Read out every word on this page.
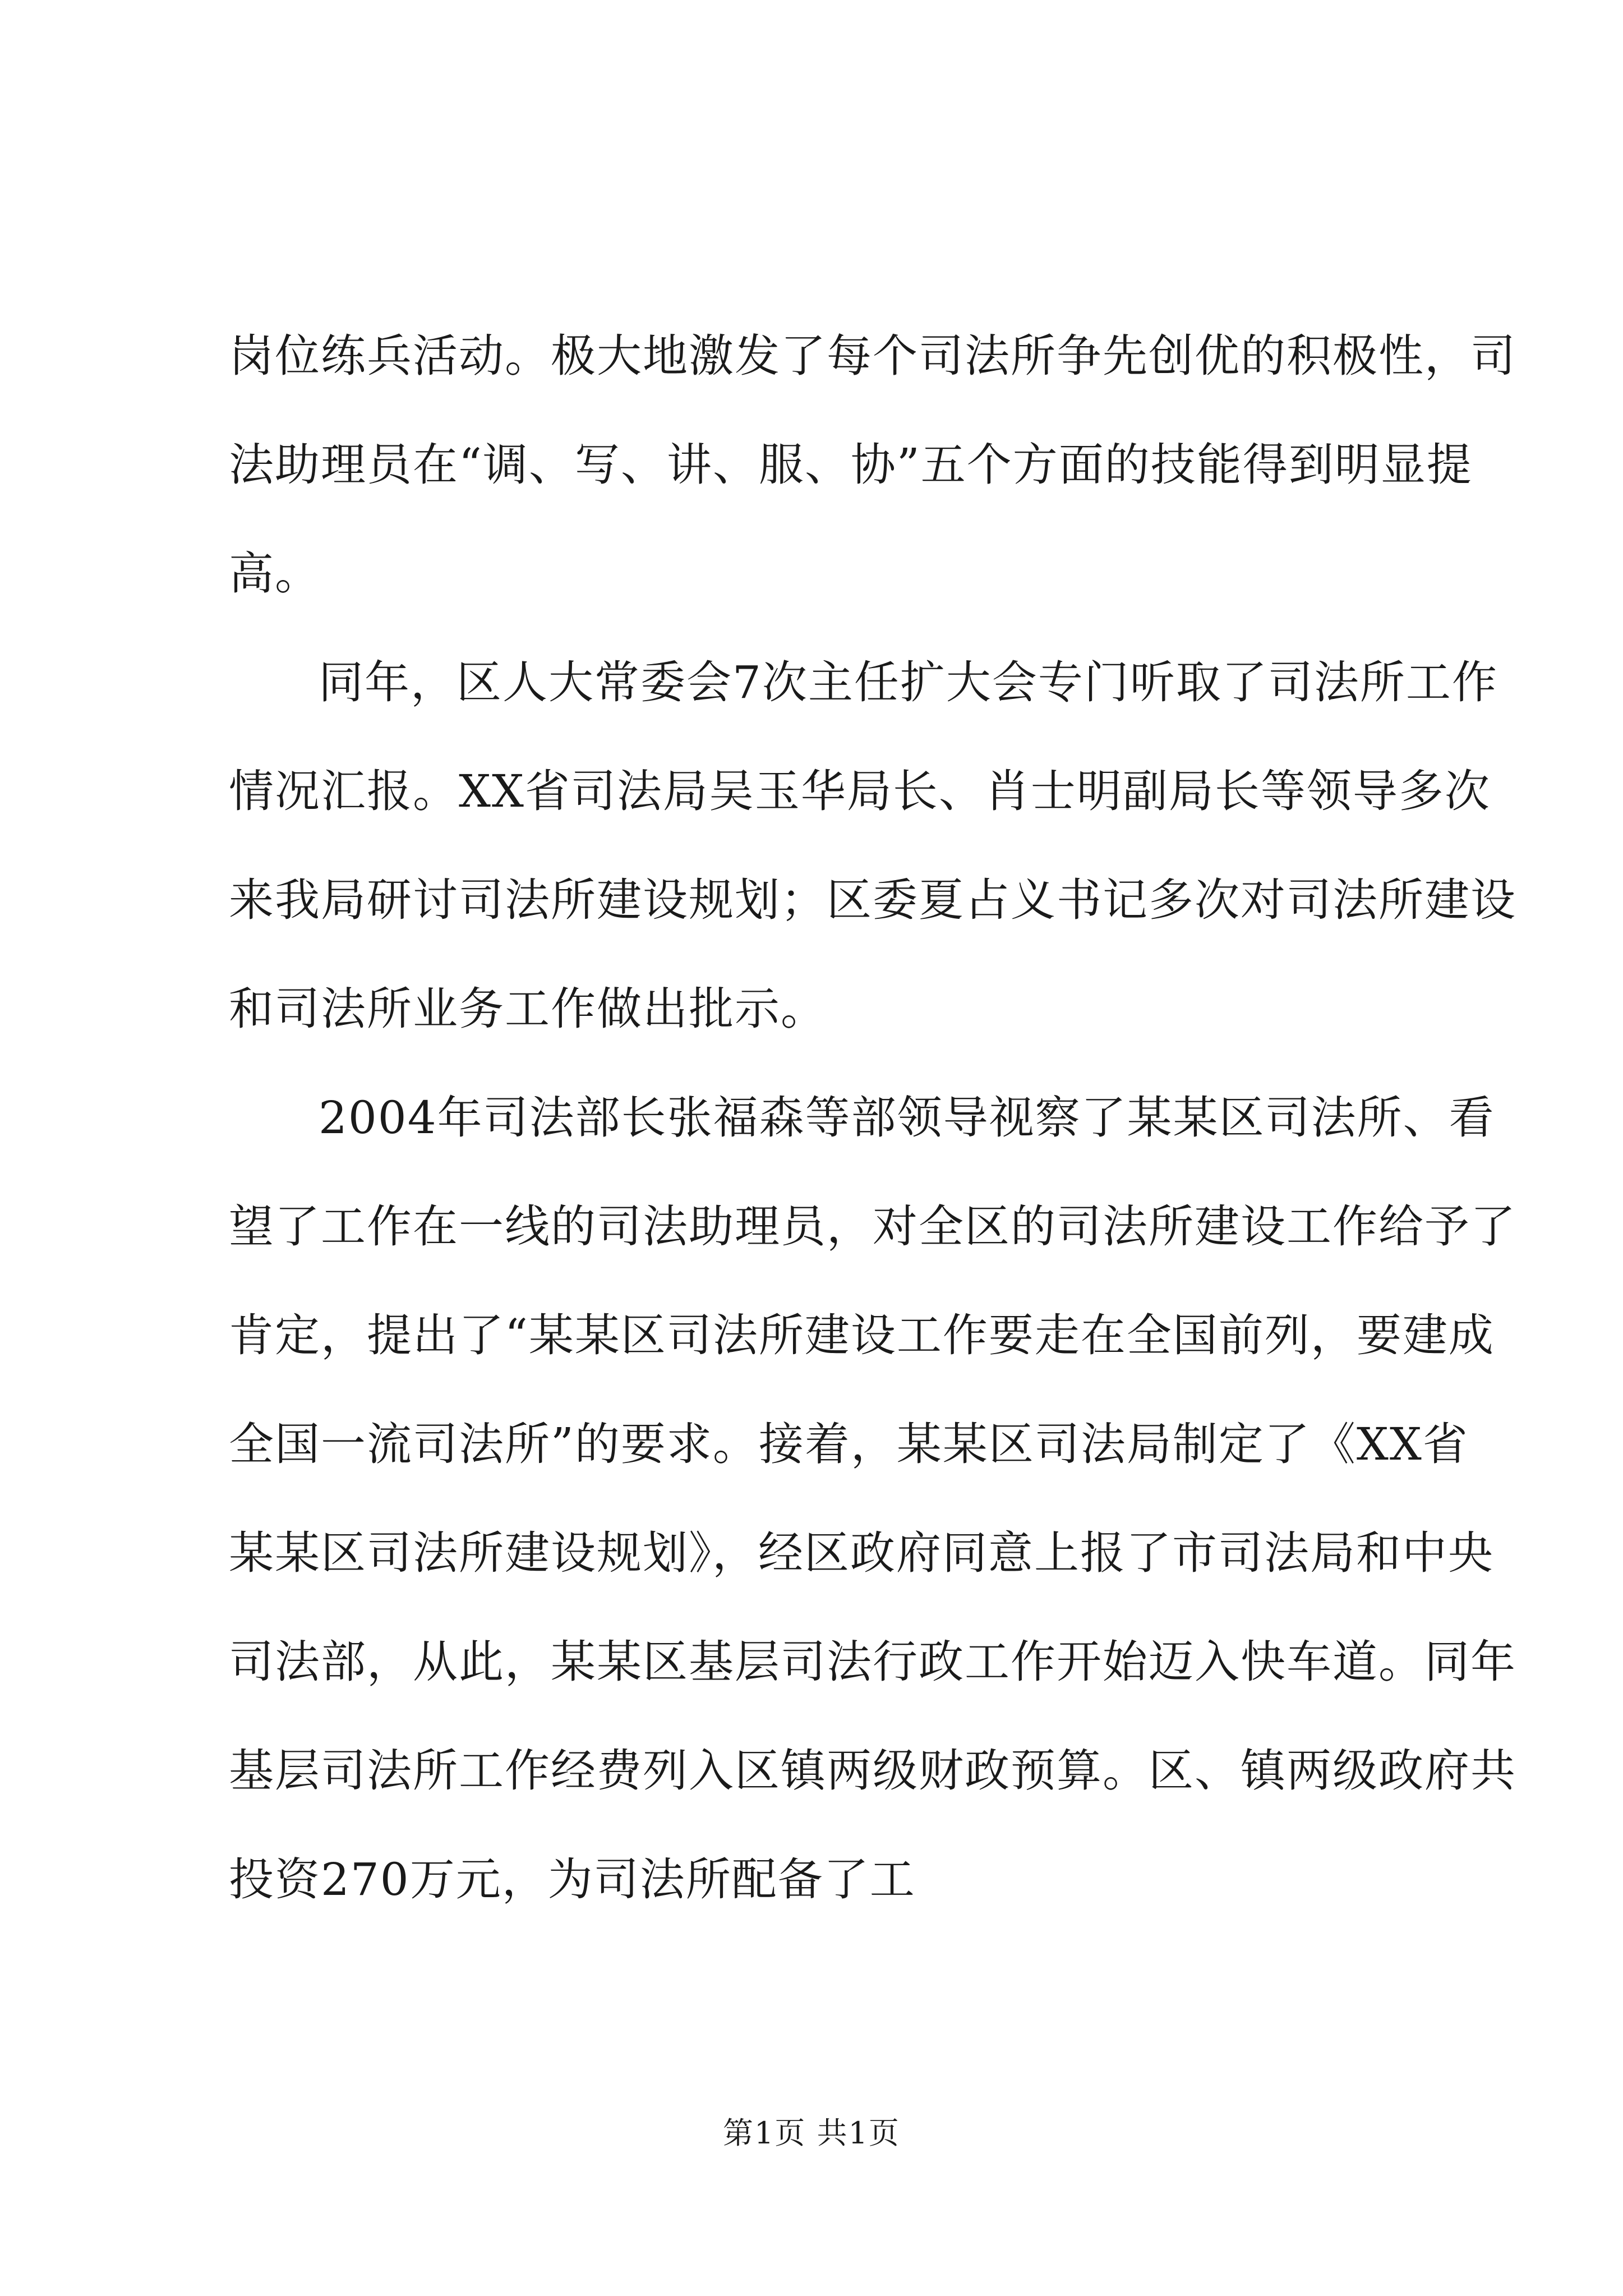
岗位练兵活动。极大地激发了每个司法所争先创优的积极性，司
法助理员在“调、写、讲、服、协”五个方面的技能得到明显提
高。
同年，区人大常委会7次主任扩大会专门听取了司法所工作
情况汇报。XX省司法局吴玉华局长、肖士明副局长等领导多次
来我局研讨司法所建设规划；区委夏占义书记多次对司法所建设
和司法所业务工作做出批示。
2004年司法部长张福森等部领导视察了某某区司法所、看
望了工作在一线的司法助理员，对全区的司法所建设工作给予了
肯定，提出了“某某区司法所建设工作要走在全国前列，要建成
全国一流司法所”的要求。接着，某某区司法局制定了《XX省
某某区司法所建设规划》，经区政府同意上报了市司法局和中央
司法部，从此，某某区基层司法行政工作开始迈入快车道。同年
基层司法所工作经费列入区镇两级财政预算。区、镇两级政府共
投资270万元，为司法所配备了工
第1页 共1页
